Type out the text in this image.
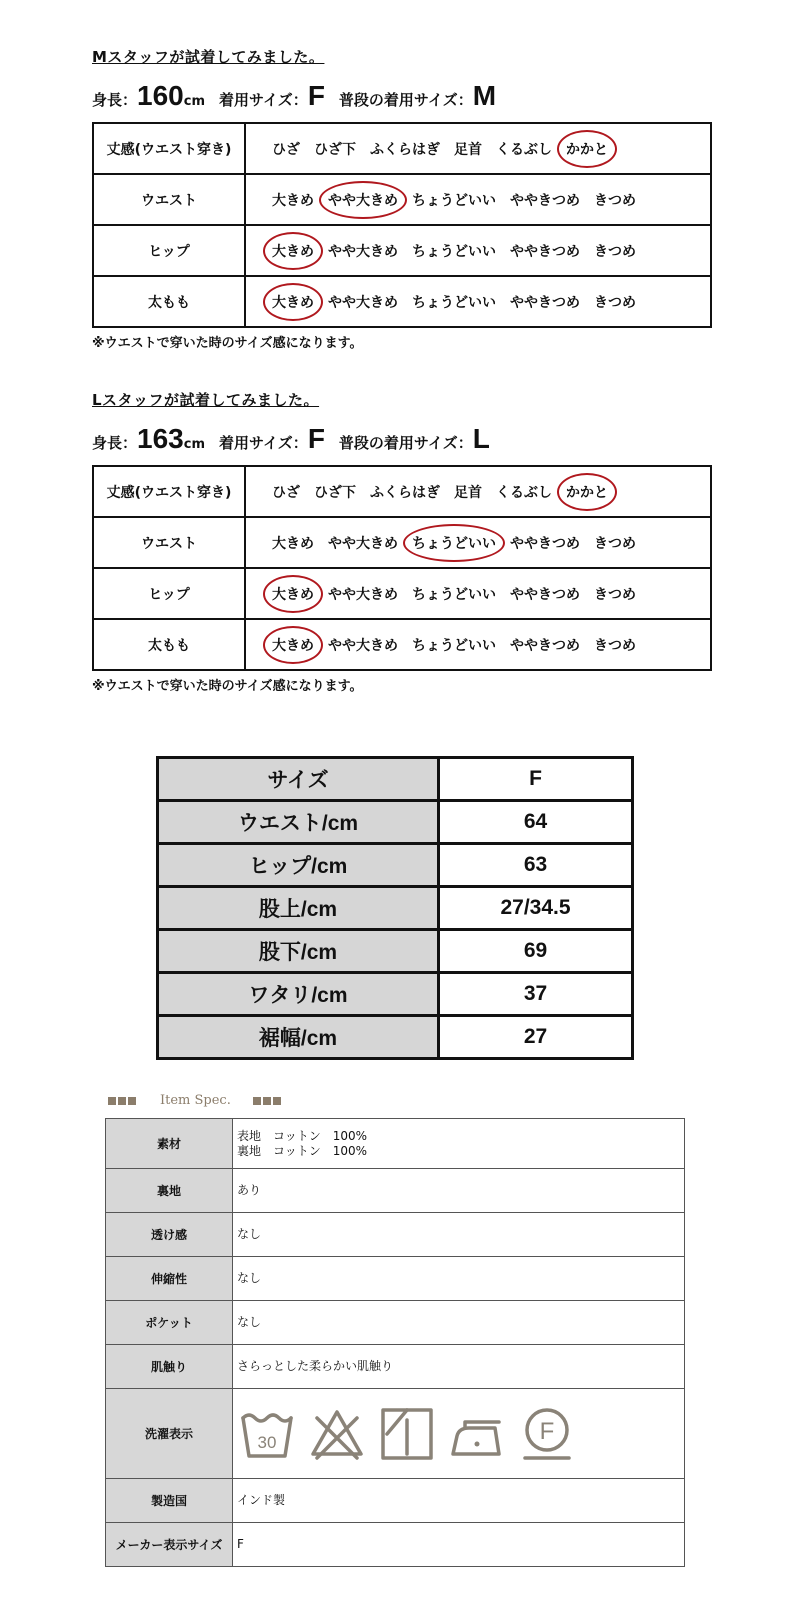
Mスタッフが試着してみました。
身長： 160 cm 着用サイズ： F 普段の着用サイズ： M
丈感(ウエスト穿き)	ひざ ひざ下 ふくらはぎ 足首 くるぶし かかと
ウエスト	大きめ やや大きめ ちょうどいい ややきつめ きつめ
ヒップ	大きめ やや大きめ ちょうどいい ややきつめ きつめ
太もも	大きめ やや大きめ ちょうどいい ややきつめ きつめ
※ウエストで穿いた時のサイズ感になります。
Lスタッフが試着してみました。
身長： 163 cm 着用サイズ： F 普段の着用サイズ： L
丈感(ウエスト穿き)	ひざ ひざ下 ふくらはぎ 足首 くるぶし かかと
ウエスト	大きめ やや大きめ ちょうどいい ややきつめ きつめ
ヒップ	大きめ やや大きめ ちょうどいい ややきつめ きつめ
太もも	大きめ やや大きめ ちょうどいい ややきつめ きつめ
※ウエストで穿いた時のサイズ感になります。
サイズ	F
ウエスト/cm	64
ヒップ/cm	63
股上/cm	27/34.5
股下/cm	69
ワタリ/cm	37
裾幅/cm	27
Item Spec.
素材	表地　コットン　100%
裏地　コットン　100%
裏地	あり
透け感	なし
伸縮性	なし
ポケット	なし
肌触り	さらっとした柔らかい肌触り
洗濯表示	30 F

製造国	インド製
メーカー表示サイズ	F
